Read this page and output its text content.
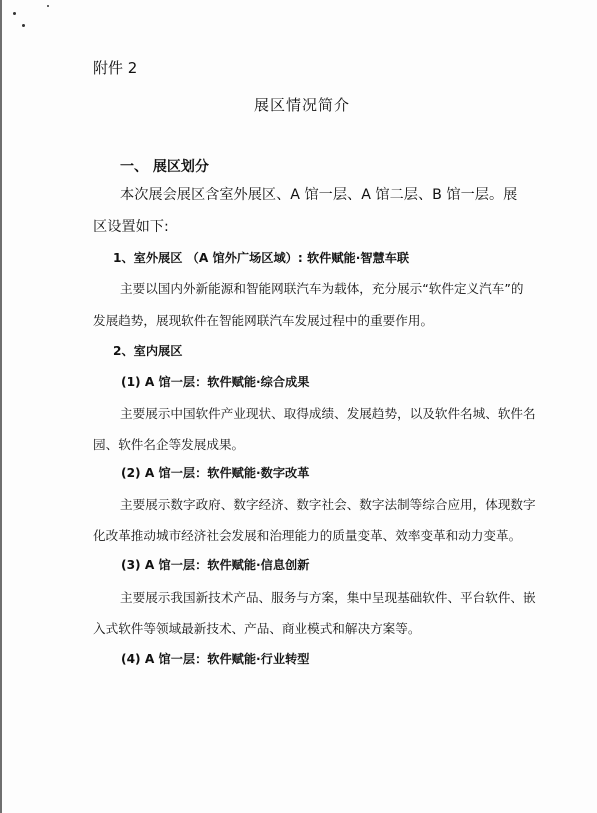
附件 2
展区情况简介
一、 展区划分
本次展会展区含室外展区、A 馆一层、A 馆二层、B 馆一层。展
区设置如下:
1、室外展区 （A 馆外广场区域）: 软件赋能·智慧车联
主要以国内外新能源和智能网联汽车为载体，充分展示“软件定义汽车”的
发展趋势，展现软件在智能网联汽车发展过程中的重要作用。
2、室内展区
(1) A 馆一层：软件赋能·综合成果
主要展示中国软件产业现状、取得成绩、发展趋势，以及软件名城、软件名
园、软件名企等发展成果。
(2) A 馆一层：软件赋能·数字改革
主要展示数字政府、数字经济、数字社会、数字法制等综合应用，体现数字
化改革推动城市经济社会发展和治理能力的质量变革、效率变革和动力变革。
(3) A 馆一层：软件赋能·信息创新
主要展示我国新技术产品、服务与方案，集中呈现基础软件、平台软件、嵌
入式软件等领域最新技术、产品、商业模式和解决方案等。
(4) A 馆一层：软件赋能·行业转型
